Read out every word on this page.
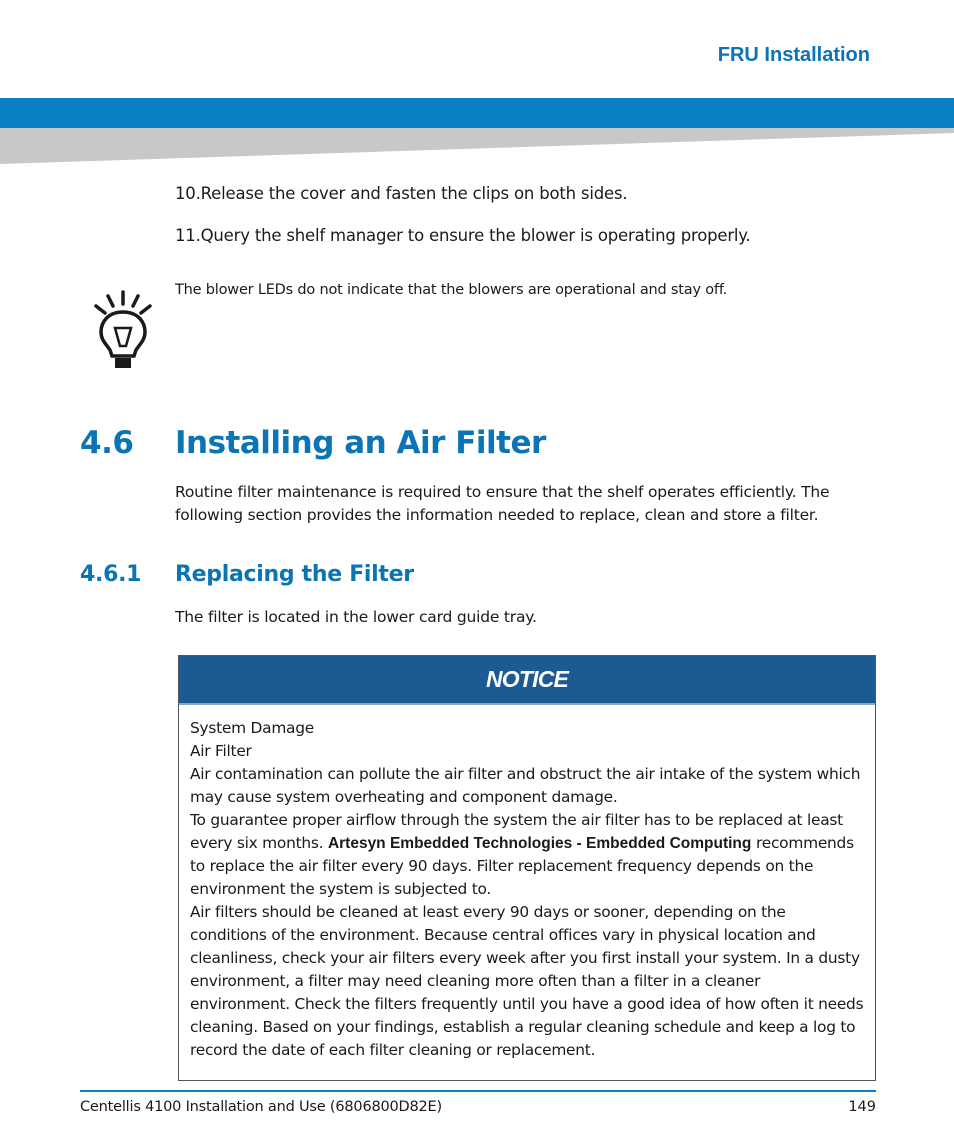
FRU Installation
10.Release the cover and fasten the clips on both sides.
11.Query the shelf manager to ensure the blower is operating properly.
The blower LEDs do not indicate that the blowers are operational and stay off.
4.6 Installing an Air Filter
Routine filter maintenance is required to ensure that the shelf operates efficiently. The following section provides the information needed to replace, clean and store a filter.
4.6.1 Replacing the Filter
The filter is located in the lower card guide tray.
NOTICE
System Damage
Air Filter
Air contamination can pollute the air filter and obstruct the air intake of the system which may cause system overheating and component damage.
To guarantee proper airflow through the system the air filter has to be replaced at least every six months. Artesyn Embedded Technologies - Embedded Computing recommends to replace the air filter every 90 days. Filter replacement frequency depends on the environment the system is subjected to.
Air filters should be cleaned at least every 90 days or sooner, depending on the conditions of the environment. Because central offices vary in physical location and cleanliness, check your air filters every week after you first install your system. In a dusty environment, a filter may need cleaning more often than a filter in a cleaner environment. Check the filters frequently until you have a good idea of how often it needs cleaning. Based on your findings, establish a regular cleaning schedule and keep a log to record the date of each filter cleaning or replacement.
Centellis 4100 Installation and Use (6806800D82E)	149
